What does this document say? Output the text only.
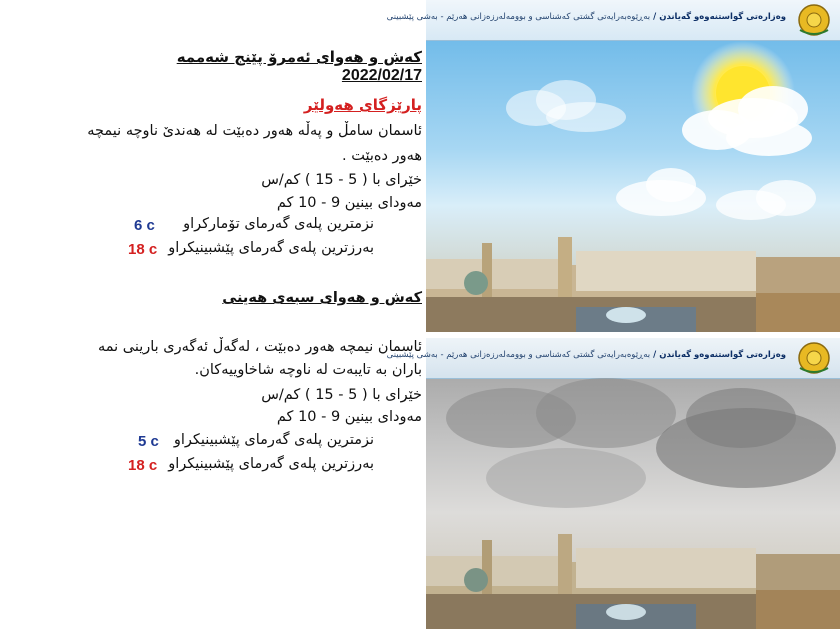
کەش و هەوای ئەمرۆ پێنج شەممە 2022/02/17
پارێزگای هەولێر
ئاسمان سامڵ و پەڵە هەور دەبێت لە هەندێ ناوچە نیمچە
هەور دەبێت .
خێرای با ( 5 - 15 ) کم/س
مەودای بینین 9 - 10 کم
نزمترین پلەی گەرمای تۆمارکراو
6 c
بەرزترین پلەی گەرمای پێشبینیکراو
18 c
کەش و هەوای سبەی هەینی
ئاسمان نیمچە هەور دەبێت ، لەگەڵ ئەگەری بارینی نمە
باران بە تایبەت لە ناوچە شاخاوییەکان.
خێرای با ( 5 - 15 ) کم/س
مەودای بینین 9 - 10 کم
نزمترین پلەی گەرمای پێشبینیکراو
5 c
بەرزترین پلەی گەرمای پێشبینیکراو
18 c
وەزارەتی گواستنەوەو گەیاندن / بەڕێوەبەرایەتی گشتی کەشناسی و بوومەلەرزەزانی هەرێم - بەشی پێشبینی
وەزارەتی گواستنەوەو گەیاندن / بەڕێوەبەرایەتی گشتی کەشناسی و بوومەلەرزەزانی هەرێم - بەشی پێشبینی
